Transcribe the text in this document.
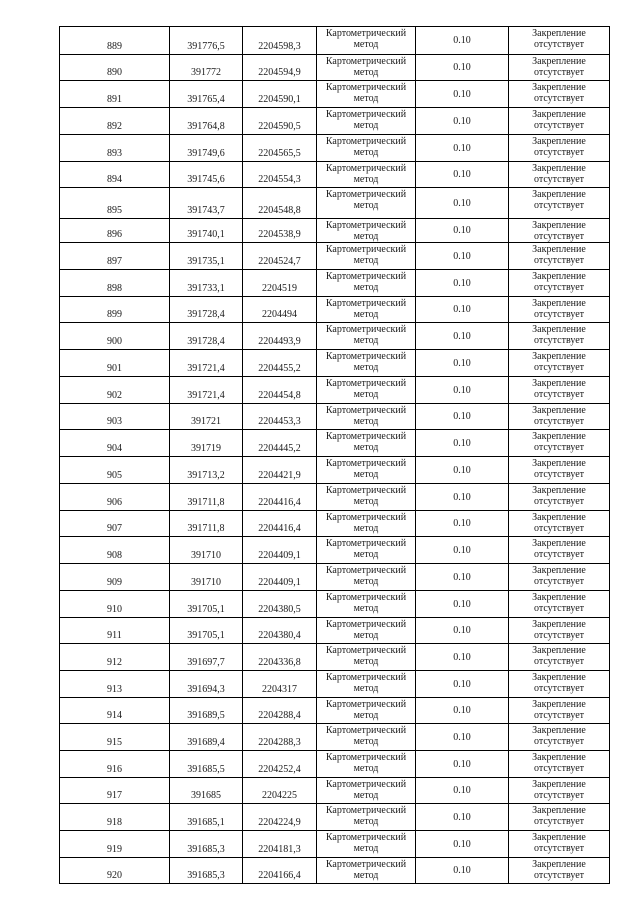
889	391776,5	2204598,3	Картометрический
метод	0.10	Закрепление
отсутствует

890	391772	2204594,9	Картометрический
метод	0.10	Закрепление
отсутствует

891	391765,4	2204590,1	Картометрический
метод	0.10	Закрепление
отсутствует

892	391764,8	2204590,5	Картометрический
метод	0.10	Закрепление
отсутствует

893	391749,6	2204565,5	Картометрический
метод	0.10	Закрепление
отсутствует

894	391745,6	2204554,3	Картометрический
метод	0.10	Закрепление
отсутствует

895	391743,7	2204548,8	Картометрический
метод	0.10	Закрепление
отсутствует

896	391740,1	2204538,9	Картометрический
метод	0.10	Закрепление
отсутствует

897	391735,1	2204524,7	Картометрический
метод	0.10	Закрепление
отсутствует

898	391733,1	2204519	Картометрический
метод	0.10	Закрепление
отсутствует

899	391728,4	2204494	Картометрический
метод	0.10	Закрепление
отсутствует

900	391728,4	2204493,9	Картометрический
метод	0.10	Закрепление
отсутствует

901	391721,4	2204455,2	Картометрический
метод	0.10	Закрепление
отсутствует

902	391721,4	2204454,8	Картометрический
метод	0.10	Закрепление
отсутствует

903	391721	2204453,3	Картометрический
метод	0.10	Закрепление
отсутствует

904	391719	2204445,2	Картометрический
метод	0.10	Закрепление
отсутствует

905	391713,2	2204421,9	Картометрический
метод	0.10	Закрепление
отсутствует

906	391711,8	2204416,4	Картометрический
метод	0.10	Закрепление
отсутствует

907	391711,8	2204416,4	Картометрический
метод	0.10	Закрепление
отсутствует

908	391710	2204409,1	Картометрический
метод	0.10	Закрепление
отсутствует

909	391710	2204409,1	Картометрический
метод	0.10	Закрепление
отсутствует

910	391705,1	2204380,5	Картометрический
метод	0.10	Закрепление
отсутствует

911	391705,1	2204380,4	Картометрический
метод	0.10	Закрепление
отсутствует

912	391697,7	2204336,8	Картометрический
метод	0.10	Закрепление
отсутствует

913	391694,3	2204317	Картометрический
метод	0.10	Закрепление
отсутствует

914	391689,5	2204288,4	Картометрический
метод	0.10	Закрепление
отсутствует

915	391689,4	2204288,3	Картометрический
метод	0.10	Закрепление
отсутствует

916	391685,5	2204252,4	Картометрический
метод	0.10	Закрепление
отсутствует

917	391685	2204225	Картометрический
метод	0.10	Закрепление
отсутствует

918	391685,1	2204224,9	Картометрический
метод	0.10	Закрепление
отсутствует

919	391685,3	2204181,3	Картометрический
метод	0.10	Закрепление
отсутствует

920	391685,3	2204166,4	Картометрический
метод	0.10	Закрепление
отсутствует
